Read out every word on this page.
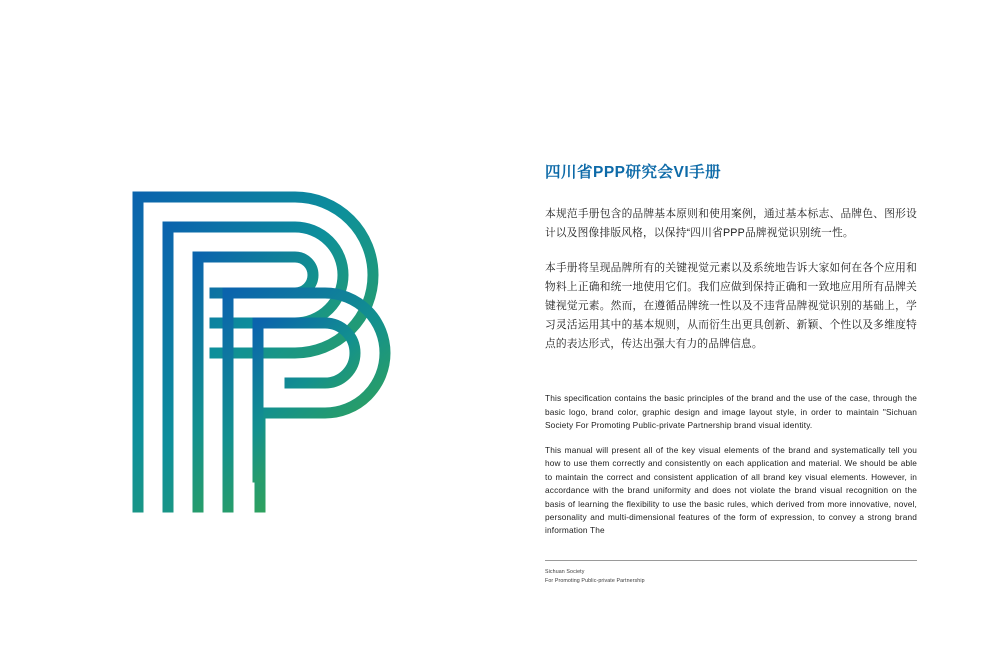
四川省PPP研究会VI手册

本规范手册包含的品牌基本原则和使用案例，通过基本标志、品牌色、图形设计以及图像排版风格，以保持“四川省PPP品牌视觉识别统一性。

本手册将呈现品牌所有的关键视觉元素以及系统地告诉大家如何在各个应用和物料上正确和统一地使用它们。我们应做到保持正确和一致地应用所有品牌关键视觉元素。然而，在遵循品牌统一性以及不违背品牌视觉识别的基础上，学习灵活运用其中的基本规则，从而衍生出更具创新、新颖、个性以及多维度特点的表达形式，传达出强大有力的品牌信息。

This specification contains the basic principles of the brand and the use of the case, through the basic logo, brand color, graphic design and image layout style, in order to maintain "Sichuan Society For Promoting Public-private Partnership brand visual identity.

This manual will present all of the key visual elements of the brand and systematically tell you how to use them correctly and consistently on each application and material. We should be able to maintain the correct and consistent application of all brand key visual elements. However, in accordance with the brand uniformity and does not violate the brand visual recognition on the basis of learning the flexibility to use the basic rules, which derived from more innovative, novel, personality and multi-dimensional features of the form of expression, to convey a strong brand information The

Sichuan Society
For Promoting Public-private Partnership
